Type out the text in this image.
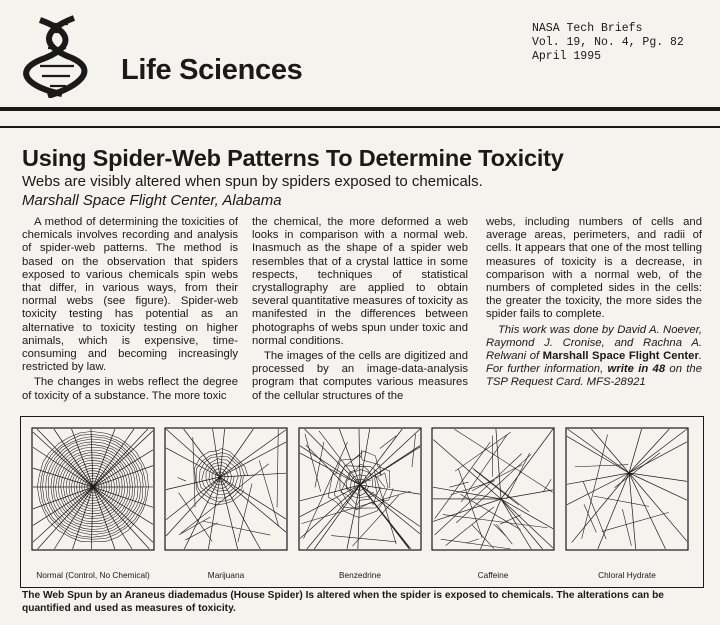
Life Sciences
NASA Tech Briefs
Vol. 19, No. 4, Pg. 82
April 1995
Using Spider-Web Patterns To Determine Toxicity
Webs are visibly altered when spun by spiders exposed to chemicals.
Marshall Space Flight Center, Alabama

A method of determining the toxicities of chemicals involves recording and analysis of spider-web patterns. The method is based on the observation that spiders exposed to various chemicals spin webs that differ, in various ways, from their normal webs (see figure). Spider-web toxicity testing has potential as an alternative to toxicity testing on higher animals, which is expensive, time-consuming and becoming increasingly restricted by law.

The changes in webs reflect the degree of toxicity of a substance. The more toxic

the chemical, the more deformed a web looks in comparison with a normal web. Inasmuch as the shape of a spider web resembles that of a crystal lattice in some respects, techniques of statistical crystallography are applied to obtain several quantitative measures of toxicity as manifested in the differences between photographs of webs spun under toxic and normal conditions.

The images of the cells are digitized and processed by an image-data-analysis program that computes various measures of the cellular structures of the

webs, including numbers of cells and average areas, perimeters, and radii of cells. It appears that one of the most telling measures of toxicity is a decrease, in comparison with a normal web, of the numbers of completed sides in the cells: the greater the toxicity, the more sides the spider fails to complete.

This work was done by David A. Noever, Raymond J. Cronise, and Rachna A. Relwani of Marshall Space Flight Center. For further information, write in 48 on the TSP Request Card. MFS-28921

Normal (Control, No Chemical)	Marijuana	Benzedrine	Caffeine	Chloral Hydrate
The Web Spun by an Araneus diademadus (House Spider) Is altered when the spider is exposed to chemicals. The alterations can be quantified and used as measures of toxicity.
